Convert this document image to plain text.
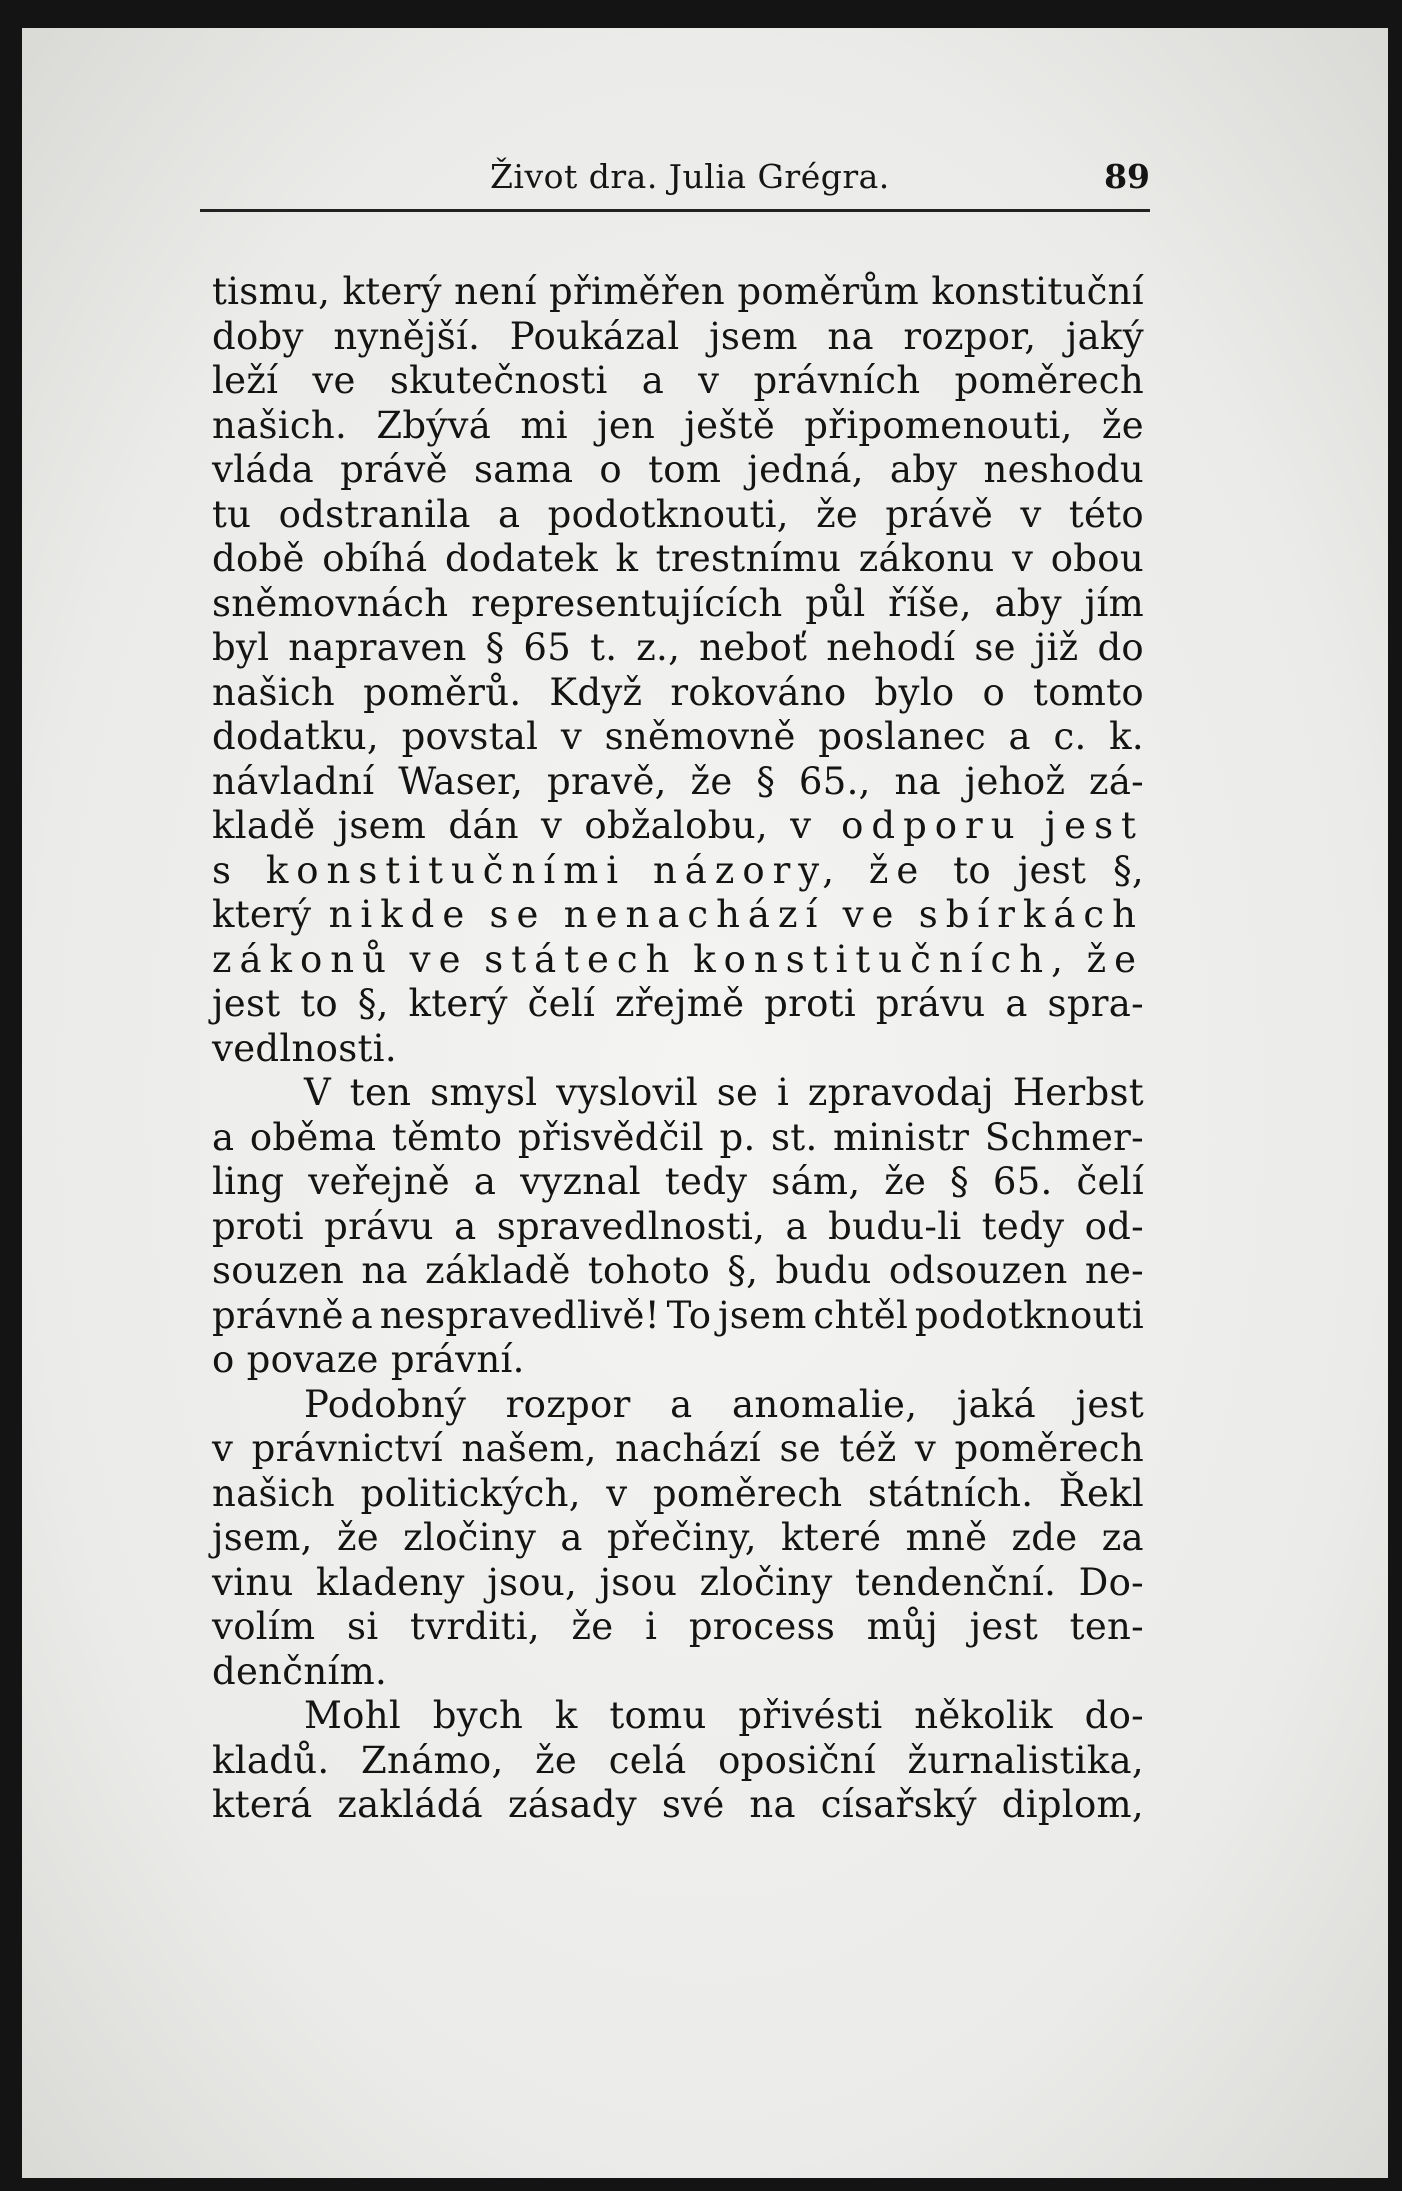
Život dra. Julia Grégra.	89
tismu, který není přiměřen poměrům konstituční
doby nynější. Poukázal jsem na rozpor, jaký
leží ve skutečnosti a v právních poměrech
našich. Zbývá mi jen ještě připomenouti, že
vláda právě sama o tom jedná, aby neshodu
tu odstranila a podotknouti, že právě v této
době obíhá dodatek k trestnímu zákonu v obou
sněmovnách representujících půl říše, aby jím
byl napraven § 65 t. z., neboť nehodí se již do
našich poměrů. Když rokováno bylo o tomto
dodatku, povstal v sněmovně poslanec a c. k.
návladní Waser, pravě, že § 65., na jehož zá-
kladě jsem dán v obžalobu, v odporu jest
s konstitučními názory, že to jest §,
který nikde se nenachází ve sbírkách
zákonů ve státech konstitučních, že
jest to §, který čelí zřejmě proti právu a spra-
vedlnosti.
V ten smysl vyslovil se i zpravodaj Herbst
a oběma těmto přisvědčil p. st. ministr Schmer-
ling veřejně a vyznal tedy sám, že § 65. čelí
proti právu a spravedlnosti, a budu-li tedy od-
souzen na základě tohoto §, budu odsouzen ne-
právně a nespravedlivě! To jsem chtěl podotknouti
o povaze právní.
Podobný rozpor a anomalie, jaká jest
v právnictví našem, nachází se též v poměrech
našich politických, v poměrech státních. Řekl
jsem, že zločiny a přečiny, které mně zde za
vinu kladeny jsou, jsou zločiny tendenční. Do-
volím si tvrditi, že i process můj jest ten-
denčním.
Mohl bych k tomu přivésti několik do-
kladů. Známo, že celá oposiční žurnalistika,
která zakládá zásady své na císařský diplom,
